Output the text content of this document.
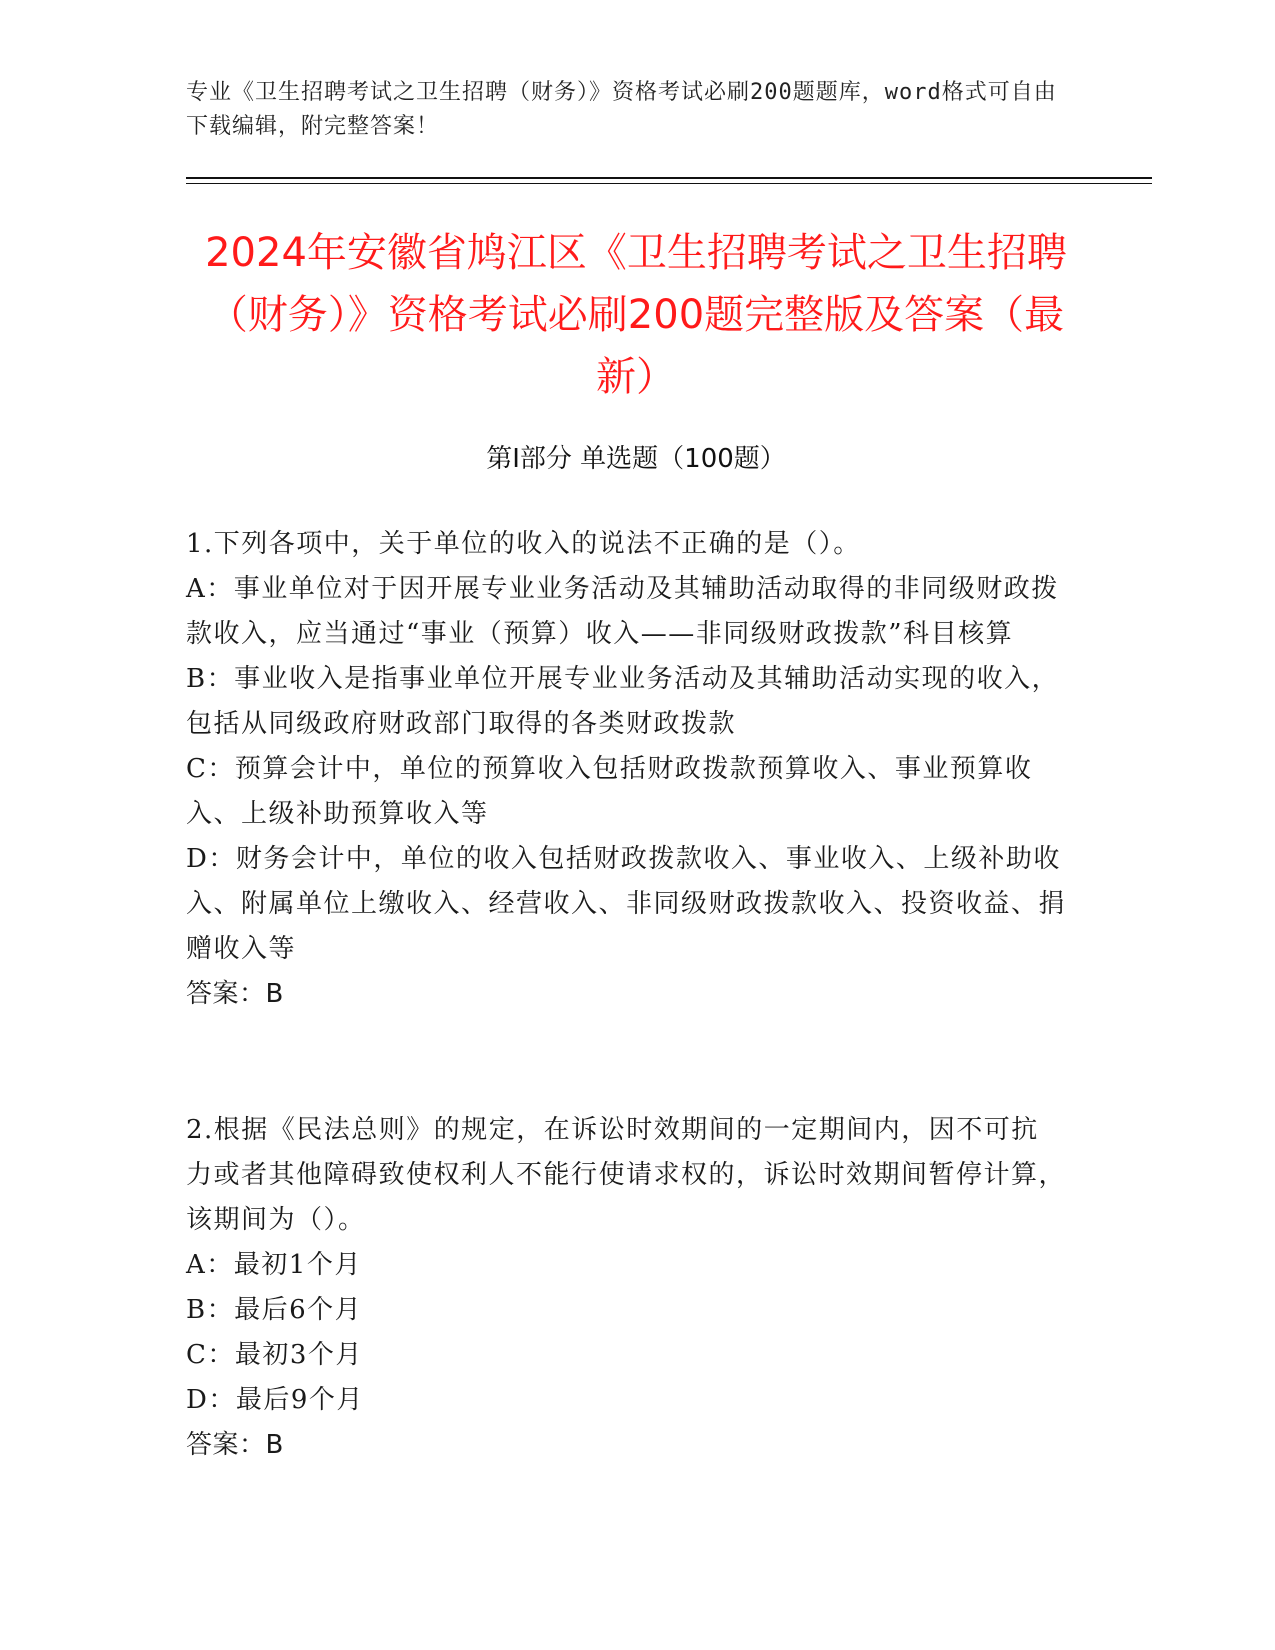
专业《卫生招聘考试之卫生招聘（财务）》资格考试必刷200题题库，word格式可自由下载编辑，附完整答案！
2024年安徽省鸠江区《卫生招聘考试之卫生招聘（财务）》资格考试必刷200题完整版及答案（最新）
第Ⅰ部分 单选题（100题）

1.下列各项中，关于单位的收入的说法不正确的是（）。

A：事业单位对于因开展专业业务活动及其辅助活动取得的非同级财政拨款收入，应当通过“事业（预算）收入——非同级财政拨款”科目核算

B：事业收入是指事业单位开展专业业务活动及其辅助活动实现的收入，包括从同级政府财政部门取得的各类财政拨款

C：预算会计中，单位的预算收入包括财政拨款预算收入、事业预算收入、上级补助预算收入等

D：财务会计中，单位的收入包括财政拨款收入、事业收入、上级补助收入、附属单位上缴收入、经营收入、非同级财政拨款收入、投资收益、捐赠收入等

答案：B

2.根据《民法总则》的规定，在诉讼时效期间的一定期间内，因不可抗力或者其他障碍致使权利人不能行使请求权的，诉讼时效期间暂停计算，该期间为（）。

A：最初1个月

B：最后6个月

C：最初3个月

D：最后9个月

答案：B
